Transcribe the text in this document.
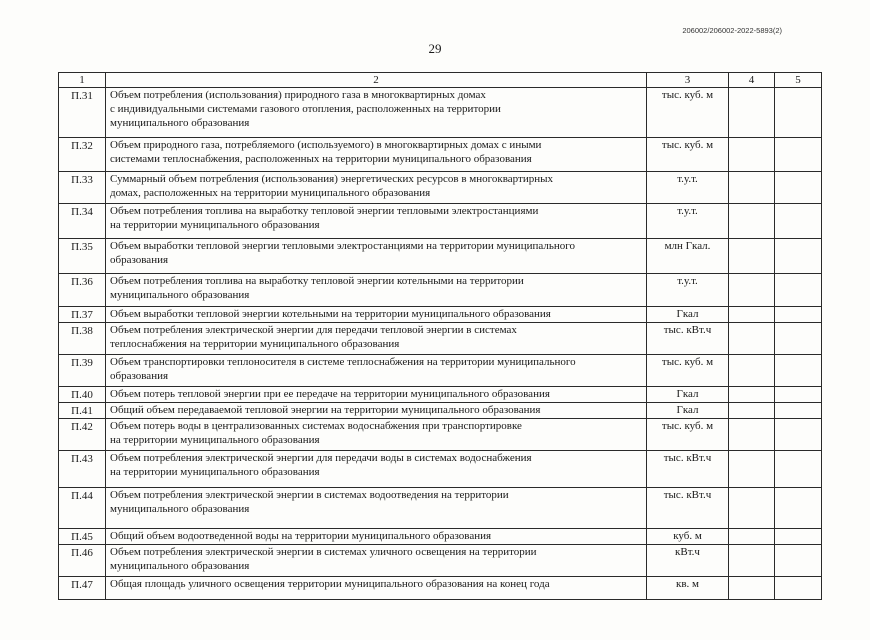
206002/206002-2022-5893(2)
29
1	2	3	4	5
П.31	Объем потребления (использования) природного газа в многоквартирных домах
с индивидуальными системами газового отопления, расположенных на территории
муниципального образования	тыс. куб. м		
П.32	Объем природного газа, потребляемого (используемого) в многоквартирных домах с иными
системами теплоснабжения, расположенных на территории муниципального образования	тыс. куб. м		
П.33	Суммарный объем потребления (использования) энергетических ресурсов в многоквартирных
домах, расположенных на территории муниципального образования	т.у.т.		
П.34	Объем потребления топлива на выработку тепловой энергии тепловыми электростанциями
на территории муниципального образования	т.у.т.		
П.35	Объем выработки тепловой энергии тепловыми электростанциями на территории муниципального
образования	млн Гкал.		
П.36	Объем потребления топлива на выработку тепловой энергии котельными на территории
муниципального образования	т.у.т.		
П.37	Объем выработки тепловой энергии котельными на территории муниципального образования	Гкал		
П.38	Объем потребления электрической энергии для передачи тепловой энергии в системах
теплоснабжения на территории муниципального образования	тыс. кВт.ч		
П.39	Объем транспортировки теплоносителя в системе теплоснабжения на территории муниципального
образования	тыс. куб. м		
П.40	Объем потерь тепловой энергии при ее передаче на территории муниципального образования	Гкал		
П.41	Общий объем передаваемой тепловой энергии на территории муниципального образования	Гкал		
П.42	Объем потерь воды в централизованных системах водоснабжения при транспортировке
на территории муниципального образования	тыс. куб. м		
П.43	Объем потребления электрической энергии для передачи воды в системах водоснабжения
на территории муниципального образования	тыс. кВт.ч		
П.44	Объем потребления электрической энергии в системах водоотведения на территории
муниципального образования	тыс. кВт.ч		
П.45	Общий объем водоотведенной воды на территории муниципального образования	куб. м		
П.46	Объем потребления электрической энергии в системах уличного освещения на территории
муниципального образования	кВт.ч		
П.47	Общая площадь уличного освещения территории муниципального образования на конец года	кв. м		
